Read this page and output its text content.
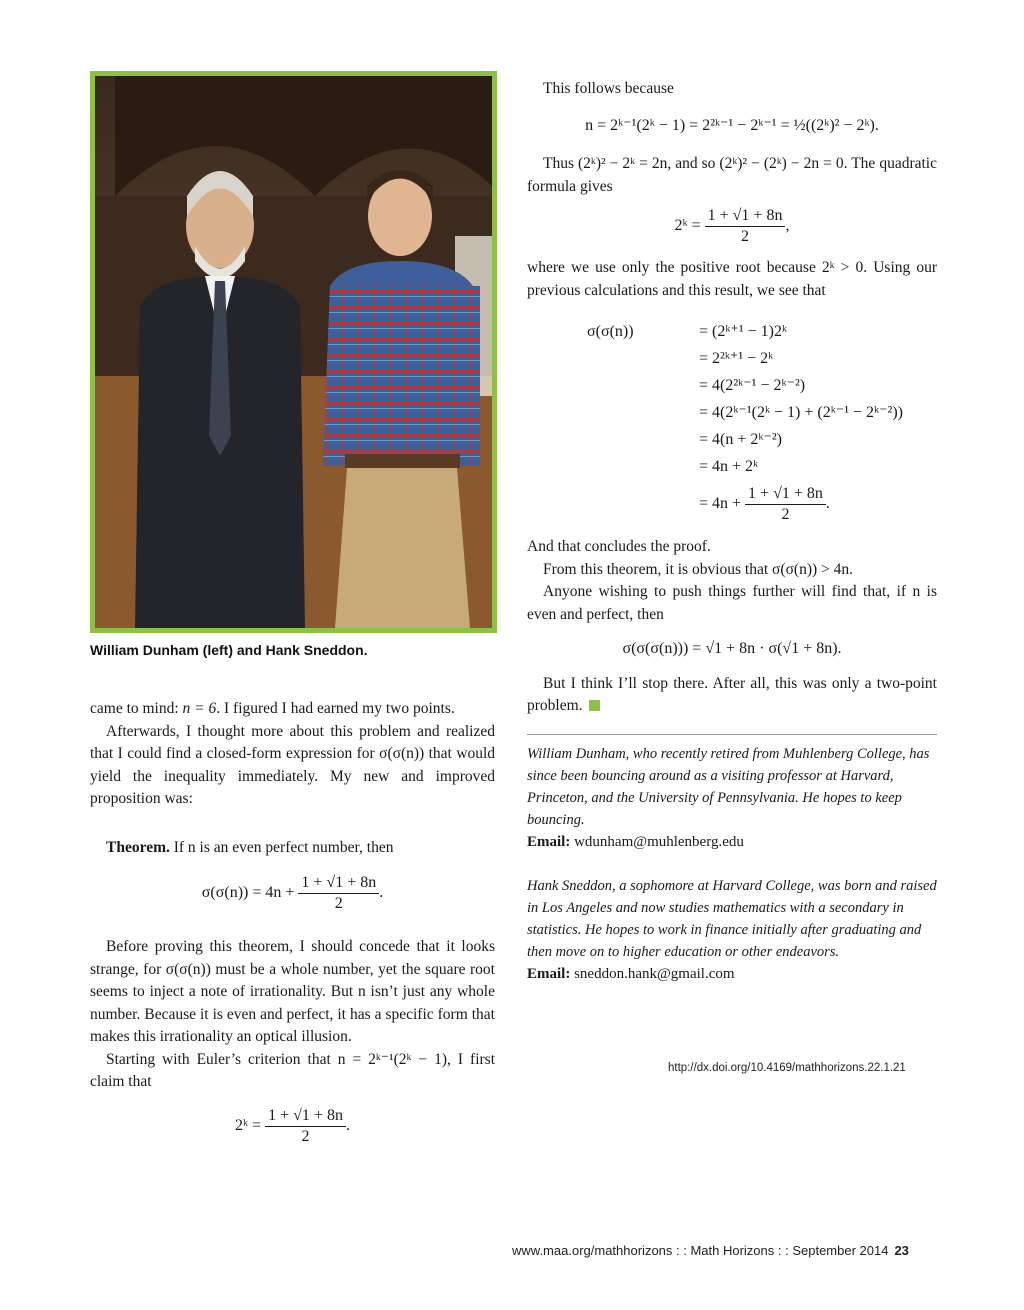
William Dunham (left) and Hank Sneddon.

came to mind: n = 6. I figured I had earned my two points.

Afterwards, I thought more about this problem and realized that I could find a closed-form expression for σ(σ(n)) that would yield the inequality immediately. My new and improved proposition was:

Theorem. If n is an even perfect number, then

$\sigma(\sigma(n)) = 4n + \frac{1 + √1 + 8n}{2}$ .

Before proving this theorem, I should concede that it looks strange, for σ(σ(n)) must be a whole number, yet the square root seems to inject a note of irrationality. But n isn’t just any whole number. Because it is even and perfect, it has a specific form that makes this irrationality an optical illusion.

Starting with Euler’s criterion that n = 2ᵏ⁻¹(2ᵏ − 1), I first claim that

2ᵏ = $\frac{1 + √1 + 8n}{2}$ .

This follows because

n = 2ᵏ⁻¹(2ᵏ − 1) = 2²ᵏ⁻¹ − 2ᵏ⁻¹ = ½((2ᵏ)² − 2ᵏ).

Thus (2ᵏ)² − 2ᵏ = 2n, and so (2ᵏ)² − (2ᵏ) − 2n = 0. The quadratic formula gives

2ᵏ = $\frac{1 + √1 + 8n}{2}$ ,

where we use only the positive root because 2ᵏ > 0. Using our previous calculations and this result, we see that

σ(σ(n))	= (2ᵏ⁺¹ − 1)2ᵏ

= 2²ᵏ⁺¹ − 2ᵏ

= 4(2²ᵏ⁻¹ − 2ᵏ⁻²)

= 4(2ᵏ⁻¹(2ᵏ − 1) + (2ᵏ⁻¹ − 2ᵏ⁻²))

= 4(n + 2ᵏ⁻²)

= 4n + 2ᵏ

= $4n + \frac{1 + √1 + 8n}{2}$ .

And that concludes the proof.

From this theorem, it is obvious that σ(σ(n)) > 4n.

Anyone wishing to push things further will find that, if n is even and perfect, then

σ(σ(σ(n))) = √1 + 8n · σ(√1 + 8n).

But I think I’ll stop there. After all, this was only a two-point problem.

William Dunham, who recently retired from Muhlenberg College, has since been bouncing around as a visiting professor at Harvard, Princeton, and the University of Pennsylvania. He hopes to keep bouncing.

Email: wdunham@muhlenberg.edu

Hank Sneddon, a sophomore at Harvard College, was born and raised in Los Angeles and now studies mathematics with a secondary in statistics. He hopes to work in finance initially after graduating and then move on to higher education or other endeavors.

Email: sneddon.hank@gmail.com

http://dx.doi.org/10.4169/mathhorizons.22.1.21
www.maa.org/mathhorizons : : Math Horizons : : September 2014 23
